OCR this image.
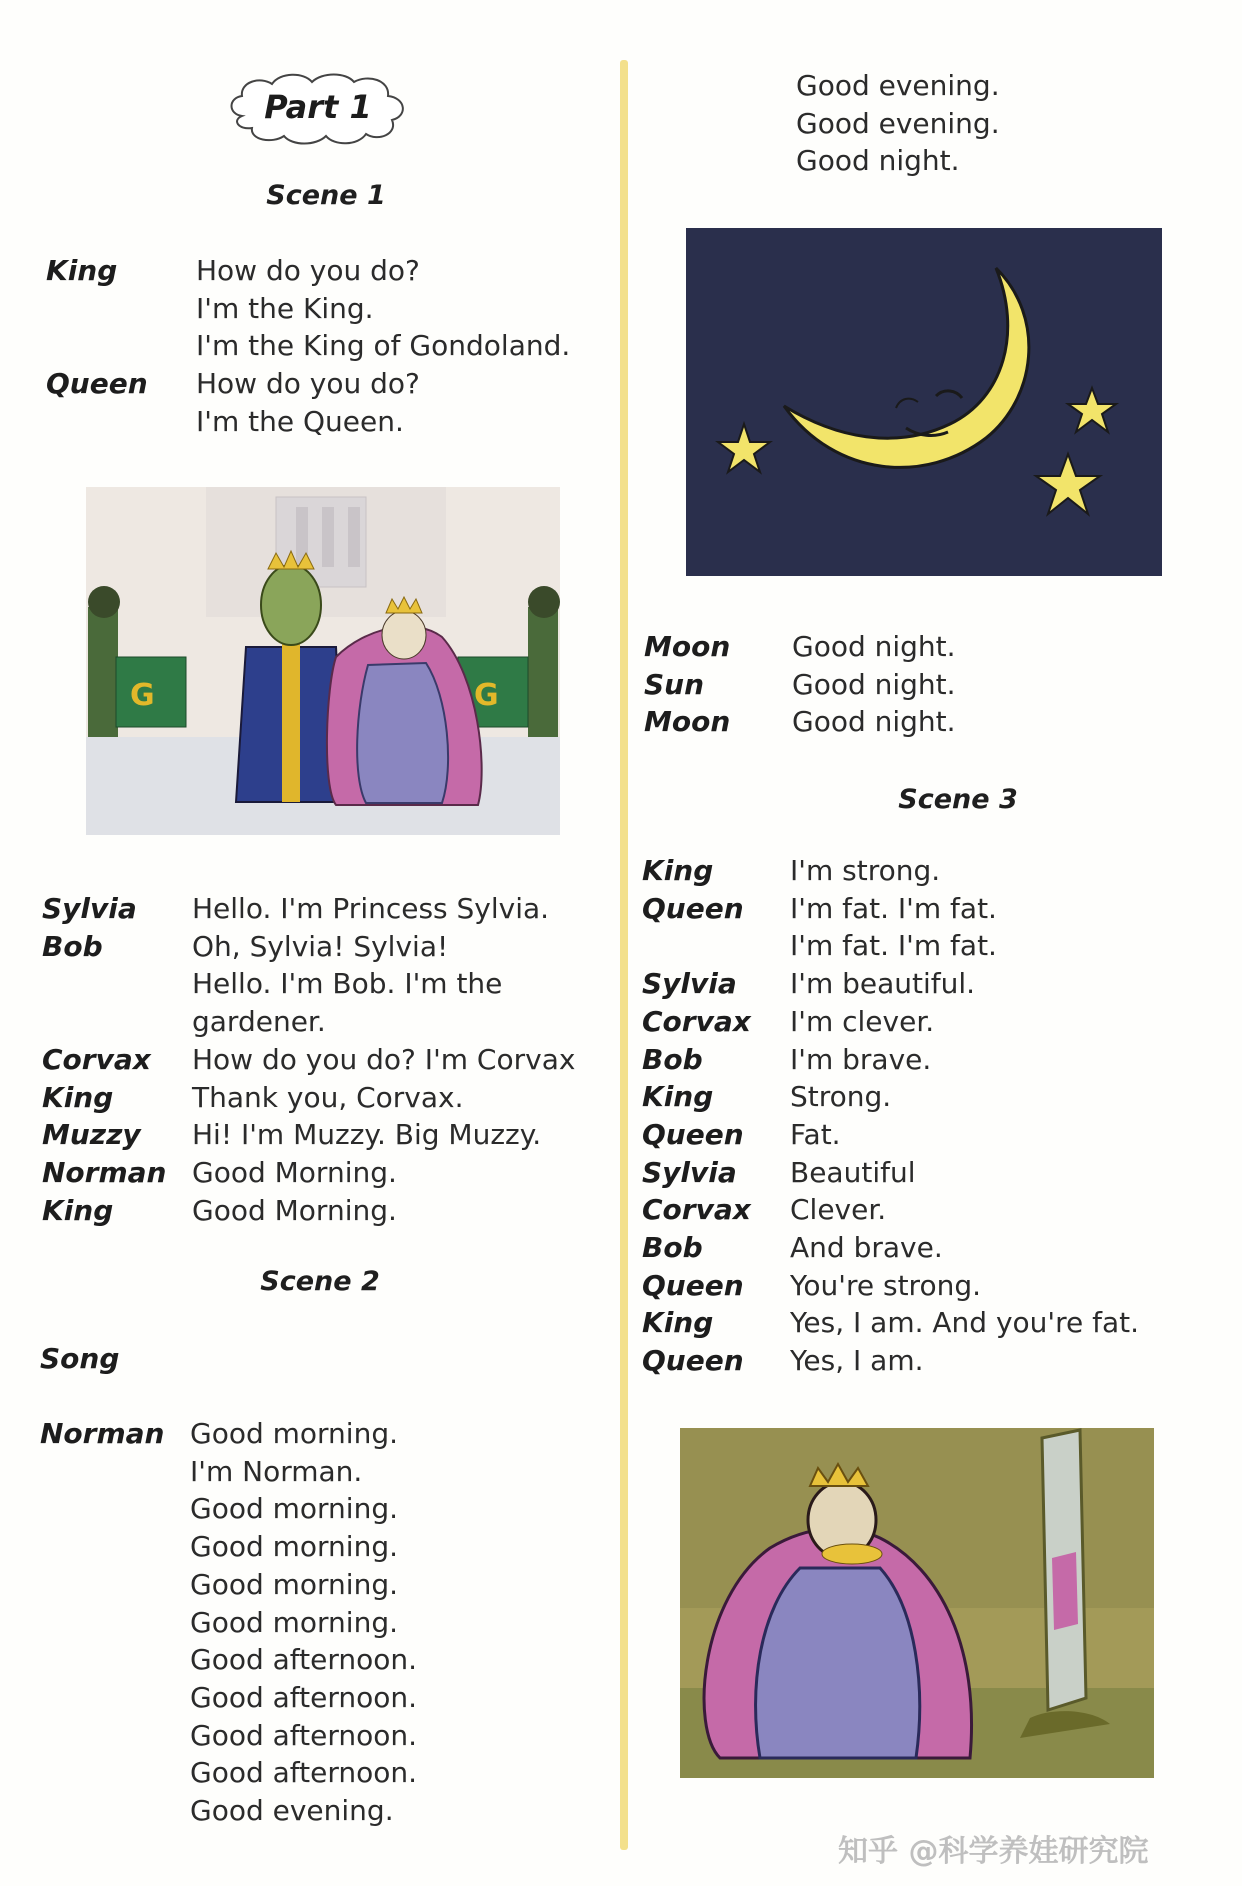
Part 1
Scene 1
King	How do you do?
I'm the King.
I'm the King of Gondoland.
Queen	How do you do?
I'm the Queen.
G	G
Sylvia	Hello. I'm Princess Sylvia.
Bob	Oh, Sylvia! Sylvia!
Hello. I'm Bob. I'm the
gardener.
Corvax	How do you do? I'm Corvax
King	Thank you, Corvax.
Muzzy	Hi! I'm Muzzy. Big Muzzy.
Norman Good Morning.
King	Good Morning.
Scene 2
Song
Norman Good morning.
I'm Norman.
Good morning.
Good morning.
Good morning.
Good morning.
Good afternoon.
Good afternoon.
Good afternoon.
Good afternoon.
Good evening.
Good evening.
Good evening.
Good night.
Moon	Good night.
Sun	Good night.
Moon	Good night.
Scene 3
King	I'm strong.
Queen	I'm fat. I'm fat.
I'm fat. I'm fat.
Sylvia	I'm beautiful.
Corvax	I'm clever.
Bob	I'm brave.
King	Strong.
Queen	Fat.
Sylvia	Beautiful
Corvax	Clever.
Bob	And brave.
Queen	You're strong.
King	Yes, I am. And you're fat.
Queen	Yes, I am.
知乎 @科学养娃研究院
